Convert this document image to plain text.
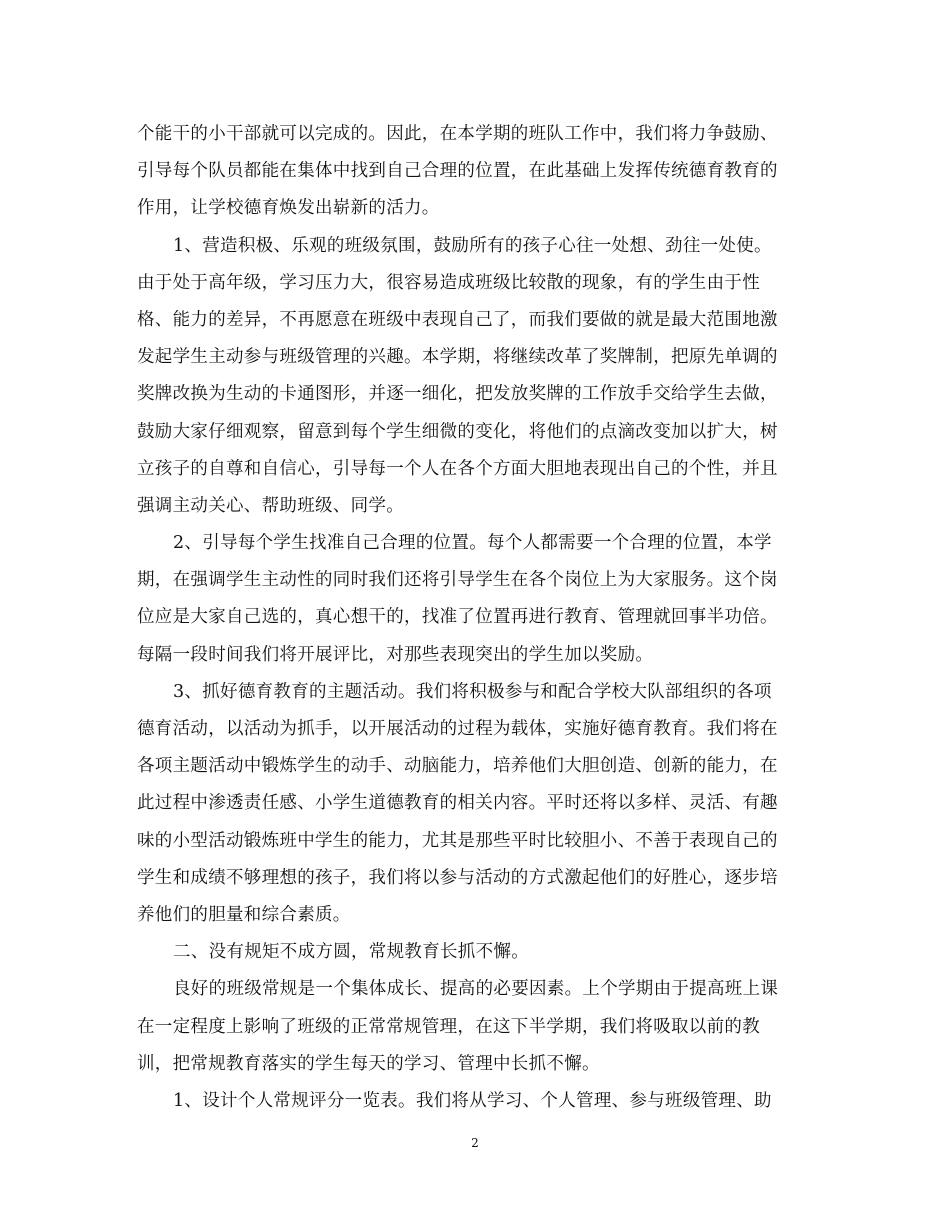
个能干的小干部就可以完成的。因此，在本学期的班队工作中，我们将力争鼓励、
引导每个队员都能在集体中找到自己合理的位置，在此基础上发挥传统德育教育的
作用，让学校德育焕发出崭新的活力。
1、营造积极、乐观的班级氛围，鼓励所有的孩子心往一处想、劲往一处使。
由于处于高年级，学习压力大，很容易造成班级比较散的现象，有的学生由于性
格、能力的差异，不再愿意在班级中表现自己了，而我们要做的就是最大范围地激
发起学生主动参与班级管理的兴趣。本学期，将继续改革了奖牌制，把原先单调的
奖牌改换为生动的卡通图形，并逐一细化，把发放奖牌的工作放手交给学生去做，
鼓励大家仔细观察，留意到每个学生细微的变化，将他们的点滴改变加以扩大，树
立孩子的自尊和自信心，引导每一个人在各个方面大胆地表现出自己的个性，并且
强调主动关心、帮助班级、同学。
2、引导每个学生找准自己合理的位置。每个人都需要一个合理的位置，本学
期，在强调学生主动性的同时我们还将引导学生在各个岗位上为大家服务。这个岗
位应是大家自己选的，真心想干的，找准了位置再进行教育、管理就回事半功倍。
每隔一段时间我们将开展评比，对那些表现突出的学生加以奖励。
3、抓好德育教育的主题活动。我们将积极参与和配合学校大队部组织的各项
德育活动，以活动为抓手，以开展活动的过程为载体，实施好德育教育。我们将在
各项主题活动中锻炼学生的动手、动脑能力，培养他们大胆创造、创新的能力，在
此过程中渗透责任感、小学生道德教育的相关内容。平时还将以多样、灵活、有趣
味的小型活动锻炼班中学生的能力，尤其是那些平时比较胆小、不善于表现自己的
学生和成绩不够理想的孩子，我们将以参与活动的方式激起他们的好胜心，逐步培
养他们的胆量和综合素质。
二、没有规矩不成方圆，常规教育长抓不懈。
良好的班级常规是一个集体成长、提高的必要因素。上个学期由于提高班上课
在一定程度上影响了班级的正常常规管理，在这下半学期，我们将吸取以前的教
训，把常规教育落实的学生每天的学习、管理中长抓不懈。
1、设计个人常规评分一览表。我们将从学习、个人管理、参与班级管理、助
2
